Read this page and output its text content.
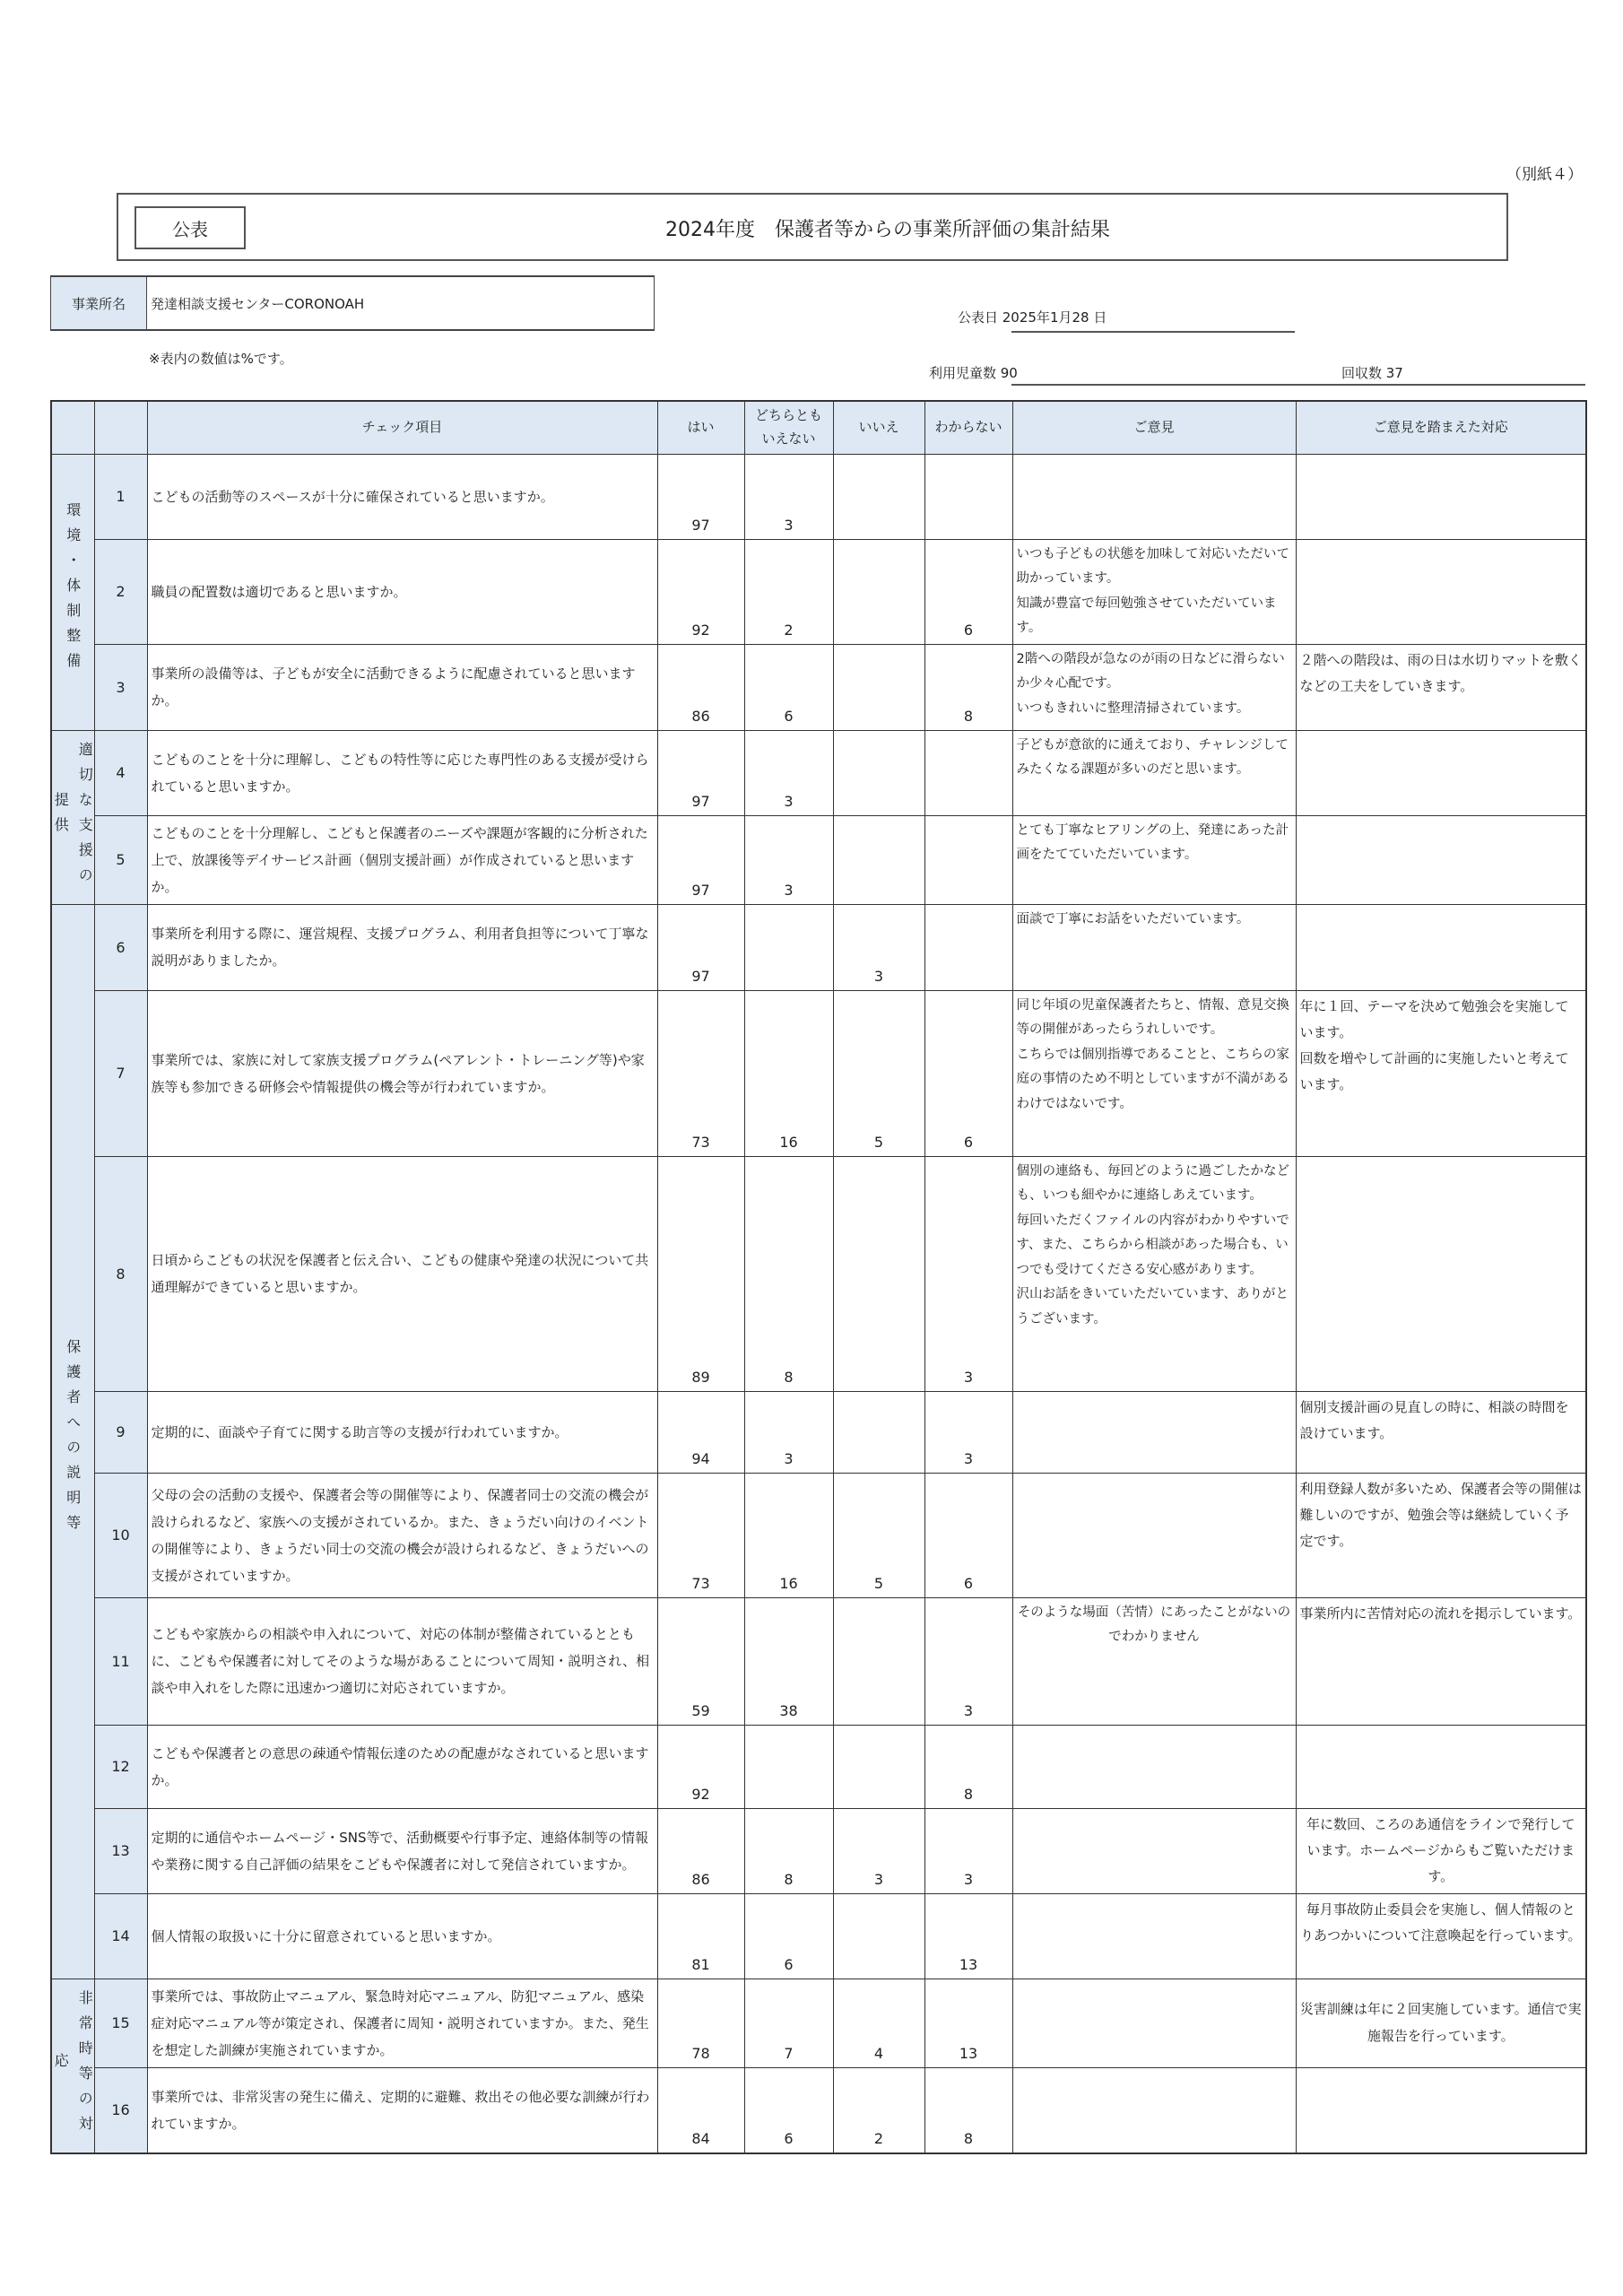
（別紙４）
公表	2024年度　保護者等からの事業所評価の集計結果
事業所名	発達相談支援センターCORONOAH
公表日 2025年1月28 日
※表内の数値は%です。
利用児童数 90	回収数 37
		チェック項目	はい	どちらとも
いえない	いいえ	わからない	ご意見	ご意見を踏まえた対応
環境・体制整備	1	こどもの活動等のスペースが十分に確保されていると思いますか。	97	3				
	2	職員の配置数は適切であると思いますか。	92	2		6	いつも子どもの状態を加味して対応いただいて助かっています。
知識が豊富で毎回勉強させていただいています。	
	3	事業所の設備等は、子どもが安全に活動できるように配慮されていると思いますか。	86	6		8	2階への階段が急なのが雨の日などに滑らないか少々心配です。
いつもきれいに整理清掃されています。	２階への階段は、雨の日は水切りマットを敷くなどの工夫をしていきます。

提供 適切な支援の	4	こどものことを十分に理解し、こどもの特性等に応じた専門性のある支援が受けられていると思いますか。	97	3			子どもが意欲的に通えており、チャレンジしてみたくなる課題が多いのだと思います。	
	5	こどものことを十分理解し、こどもと保護者のニーズや課題が客観的に分析された上で、放課後等デイサービス計画（個別支援計画）が作成されていると思いますか。	97	3			とても丁寧なヒアリングの上、発達にあった計画をたてていただいています。	
保護者への説明等	6	事業所を利用する際に、運営規程、支援プログラム、利用者負担等について丁寧な説明がありましたか。	97		3		面談で丁寧にお話をいただいています。	
	7	事業所では、家族に対して家族支援プログラム(ペアレント・トレーニング等)や家族等も参加できる研修会や情報提供の機会等が行われていますか。	73	16	5	6	同じ年頃の児童保護者たちと、情報、意見交換等の開催があったらうれしいです。
こちらでは個別指導であることと、こちらの家庭の事情のため不明としていますが不満があるわけではないです。	年に１回、テーマを決めて勉強会を実施しています。
回数を増やして計画的に実施したいと考えています。
	8	日頃からこどもの状況を保護者と伝え合い、こどもの健康や発達の状況について共通理解ができていると思いますか。	89	8		3	個別の連絡も、毎回どのように過ごしたかなども、いつも細やかに連絡しあえています。
毎回いただくファイルの内容がわかりやすいです、また、こちらから相談があった場合も、いつでも受けてくださる安心感があります。
沢山お話をきいていただいています、ありがとうございます。	
	9	定期的に、面談や子育てに関する助言等の支援が行われていますか。	94	3		3		個別支援計画の見直しの時に、相談の時間を設けています。
	10	父母の会の活動の支援や、保護者会等の開催等により、保護者同士の交流の機会が設けられるなど、家族への支援がされているか。また、きょうだい向けのイベントの開催等により、きょうだい同士の交流の機会が設けられるなど、きょうだいへの支援がされていますか。	73	16	5	6		利用登録人数が多いため、保護者会等の開催は難しいのですが、勉強会等は継続していく予定です。
	11	こどもや家族からの相談や申入れについて、対応の体制が整備されているとともに、こどもや保護者に対してそのような場があることについて周知・説明され、相談や申入れをした際に迅速かつ適切に対応されていますか。	59	38		3	そのような場面（苦情）にあったことがないのでわかりません	事業所内に苦情対応の流れを掲示しています。
	12	こどもや保護者との意思の疎通や情報伝達のための配慮がなされていると思いますか。	92			8		
	13	定期的に通信やホームページ・SNS等で、活動概要や行事予定、連絡体制等の情報や業務に関する自己評価の結果をこどもや保護者に対して発信されていますか。	86	8	3	3		年に数回、ころのあ通信をラインで発行しています。ホームページからもご覧いただけます。
	14	個人情報の取扱いに十分に留意されていると思いますか。	81	6		13		毎月事故防止委員会を実施し、個人情報のとりあつかいについて注意喚起を行っています。

応 非常時等の対	15	事業所では、事故防止マニュアル、緊急時対応マニュアル、防犯マニュアル、感染症対応マニュアル等が策定され、保護者に周知・説明されていますか。また、発生を想定した訓練が実施されていますか。	78	7	4	13		災害訓練は年に２回実施しています。通信で実施報告を行っています。
	16	事業所では、非常災害の発生に備え、定期的に避難、救出その他必要な訓練が行われていますか。	84	6	2	8		
